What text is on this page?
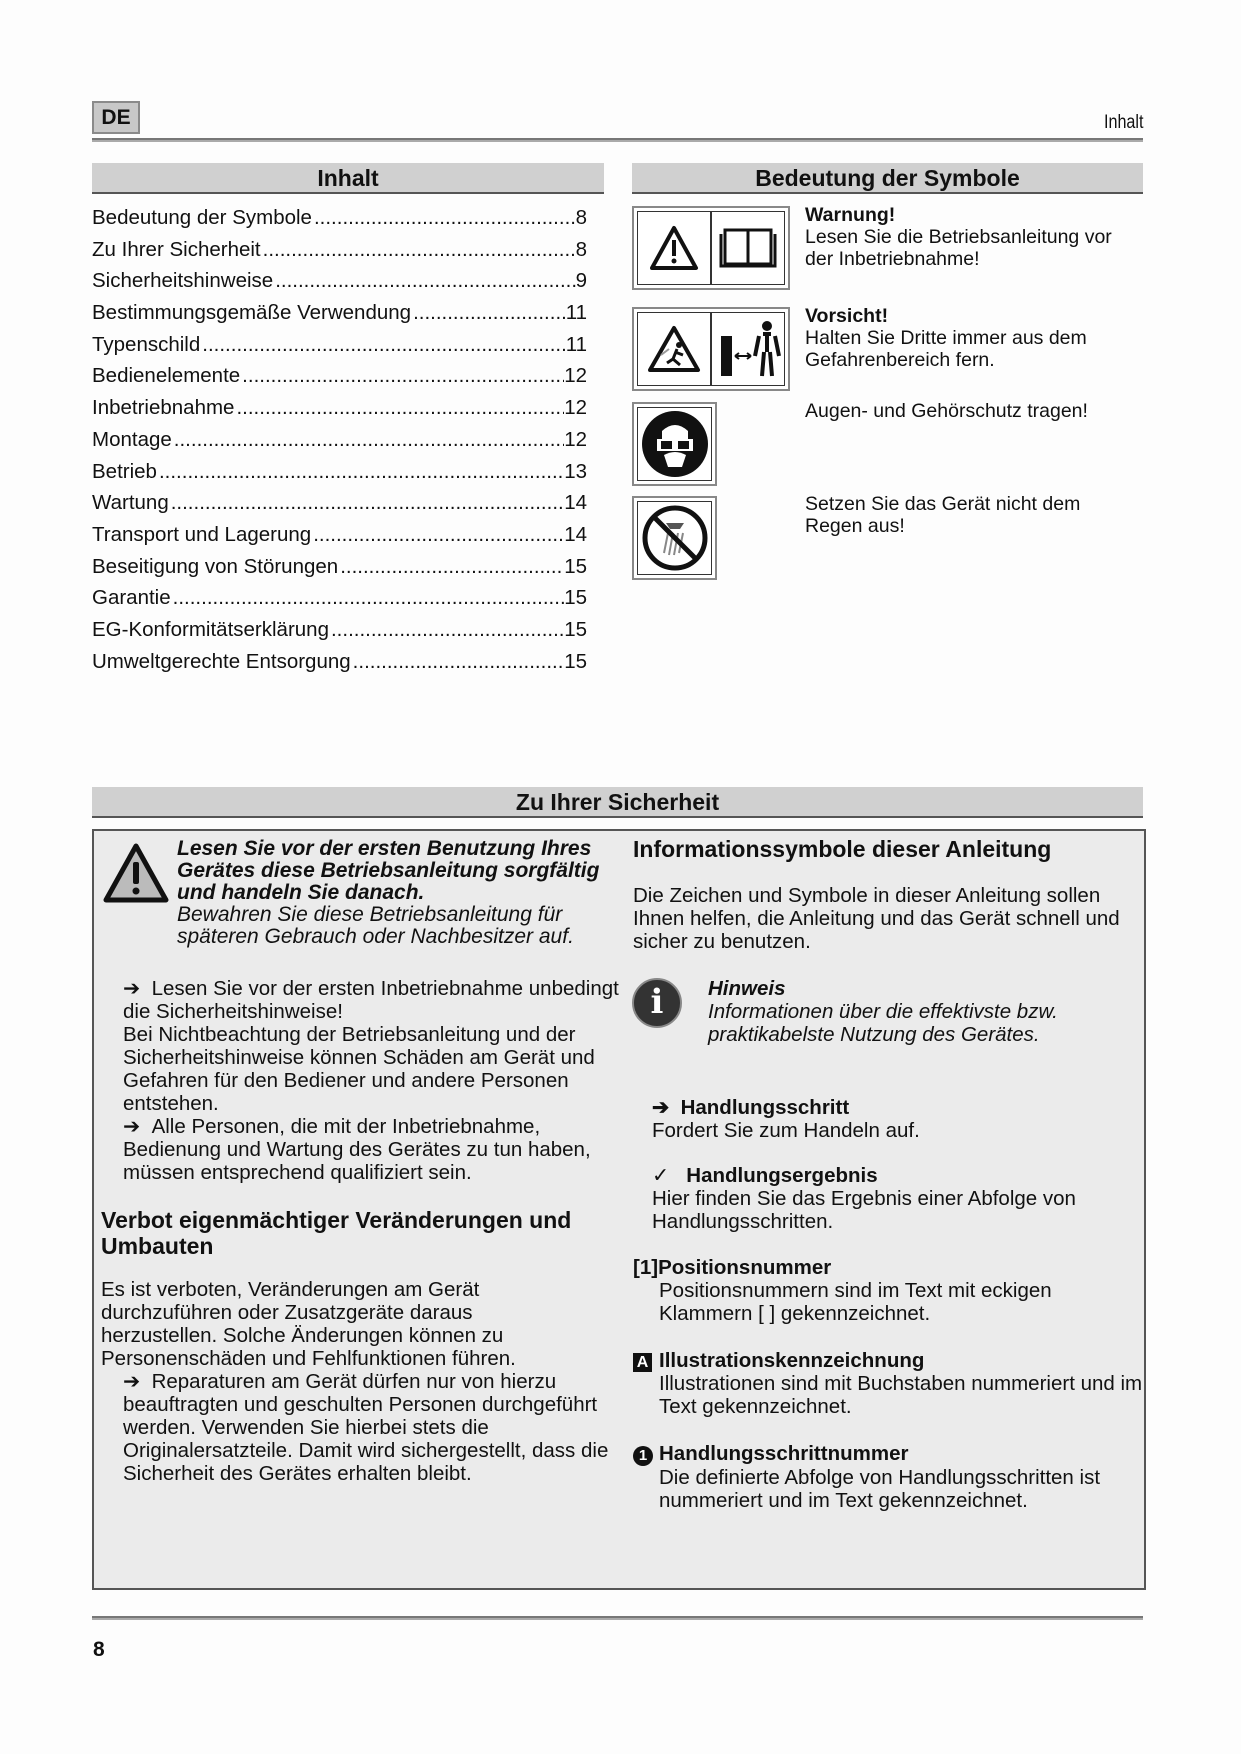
DE	Inhalt
Inhalt	Bedeutung der Symbole
Bedeutung der Symbole .....	8
Zu Ihrer Sicherheit .....	8
Sicherheitshinweise .....	9
Bestimmungsgemäße Verwendung .....	11
Typenschild .....	11
Bedienelemente .....	12
Inbetriebnahme .....	12
Montage .....	12
Betrieb .....	13
Wartung .....	14
Transport und Lagerung .....	14
Beseitigung von Störungen .....	15
Garantie .....	15
EG-Konformitätserklärung .....	15
Umweltgerechte Entsorgung .....	15
Warnung!
Lesen Sie die Betriebsanleitung vor der Inbetriebnahme!
Vorsicht!
Halten Sie Dritte immer aus dem Gefahrenbereich fern.
Augen- und Gehörschutz tragen!
Setzen Sie das Gerät nicht dem Regen aus!
Zu Ihrer Sicherheit
Lesen Sie vor der ersten Benutzung Ihres Gerätes diese Betriebsanleitung sorgfältig und handeln Sie danach.
Bewahren Sie diese Betriebsanleitung für späteren Gebrauch oder Nachbesitzer auf.
➔  Lesen Sie vor der ersten Inbetriebnahme unbedingt die Sicherheitshinweise!
Bei Nichtbeachtung der Betriebsanleitung und der Sicherheitshinweise können Schäden am Gerät und Gefahren für den Bediener und andere Personen entstehen.
➔  Alle Personen, die mit der Inbetriebnahme, Bedienung und Wartung des Gerätes zu tun haben, müssen entsprechend qualifiziert sein.
Verbot eigenmächtiger Veränderungen und Umbauten
Es ist verboten, Veränderungen am Gerät durchzuführen oder Zusatzgeräte daraus herzustellen. Solche Änderungen können zu Personenschäden und Fehlfunktionen führen.
➔  Reparaturen am Gerät dürfen nur von hierzu beauftragten und geschulten Personen durchgeführt werden. Verwenden Sie hierbei stets die Originalersatzteile. Damit wird sichergestellt, dass die Sicherheit des Gerätes erhalten bleibt.
Informationssymbole dieser Anleitung
Die Zeichen und Symbole in dieser Anleitung sollen Ihnen helfen, die Anleitung und das Gerät schnell und sicher zu benutzen.
i	Hinweis
Informationen über die effektivste bzw. praktikabelste Nutzung des Gerätes.
➔  Handlungsschritt
Fordert Sie zum Handeln auf.
✓   Handlungsergebnis
Hier finden Sie das Ergebnis einer Abfolge von Handlungsschritten.
[1]Positionsnummer
Positionsnummern sind im Text mit eckigen Klammern [ ] gekennzeichnet.
A Illustrationskennzeichnung
Illustrationen sind mit Buchstaben nummeriert und im Text gekennzeichnet.
1 Handlungsschrittnummer
Die definierte Abfolge von Handlungsschritten ist nummeriert und im Text gekennzeichnet.
8
